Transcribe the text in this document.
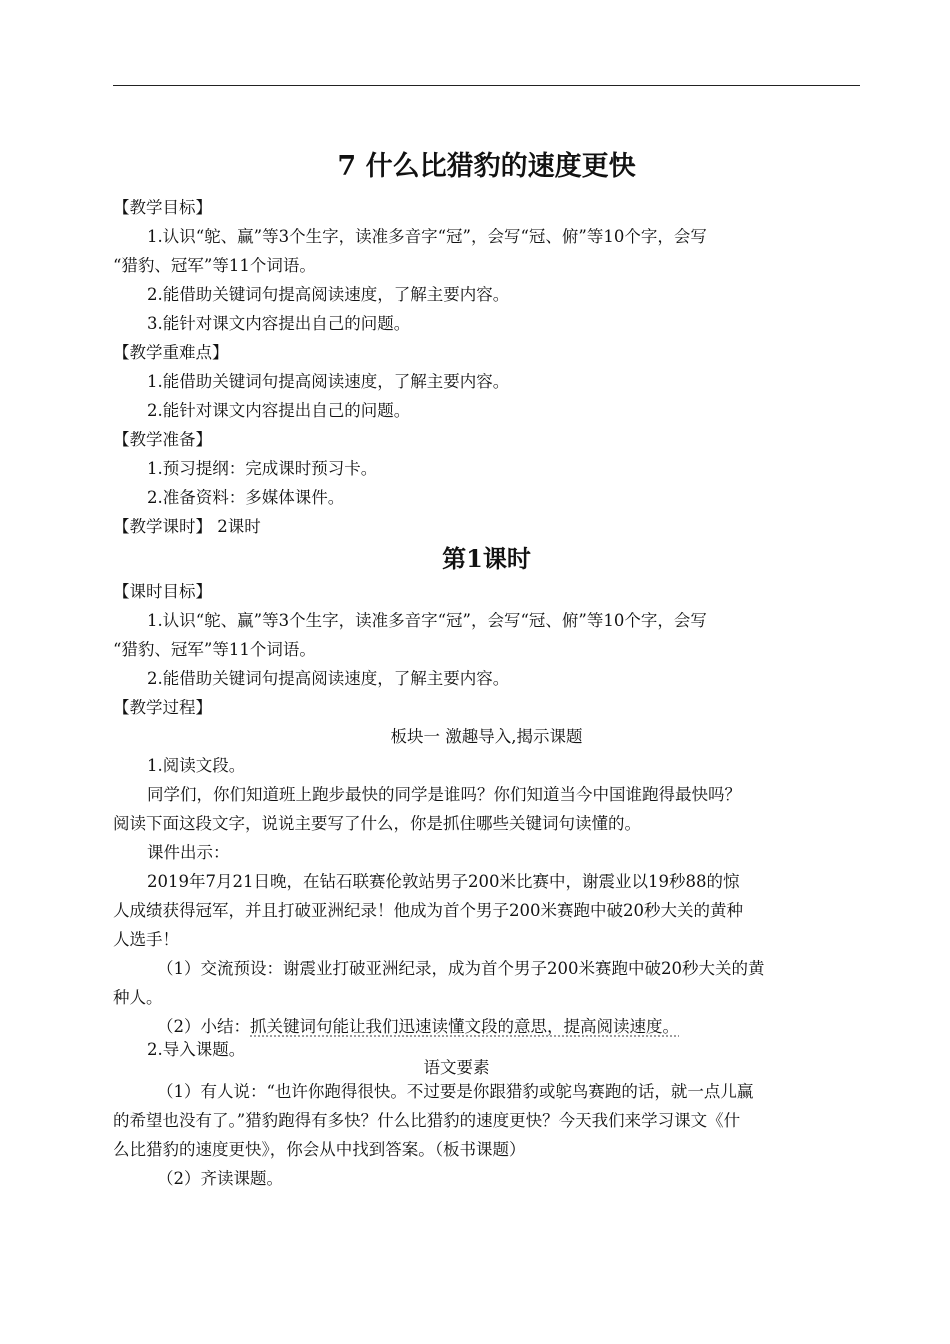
7 什么比猎豹的速度更快

【教学目标】

1.认识“鸵、赢”等3个生字，读准多音字“冠”，会写“冠、俯”等10个字，会写

“猎豹、冠军”等11个词语。

2.能借助关键词句提高阅读速度，了解主要内容。

3.能针对课文内容提出自己的问题。

【教学重难点】

1.能借助关键词句提高阅读速度，了解主要内容。

2.能针对课文内容提出自己的问题。

【教学准备】

1.预习提纲：完成课时预习卡。

2.准备资料：多媒体课件。

【教学课时】 2课时

第1课时

【课时目标】

1.认识“鸵、赢”等3个生字，读准多音字“冠”，会写“冠、俯”等10个字，会写

“猎豹、冠军”等11个词语。

2.能借助关键词句提高阅读速度，了解主要内容。

【教学过程】

板块一 激趣导入,揭示课题

1.阅读文段。

同学们，你们知道班上跑步最快的同学是谁吗？你们知道当今中国谁跑得最快吗？

阅读下面这段文字，说说主要写了什么，你是抓住哪些关键词句读懂的。

课件出示：

2019年7月21日晚，在钻石联赛伦敦站男子200米比赛中，谢震业以19秒88的惊

人成绩获得冠军，并且打破亚洲纪录！他成为首个男子200米赛跑中破20秒大关的黄种

人选手！

（1）交流预设：谢震业打破亚洲纪录，成为首个男子200米赛跑中破20秒大关的黄

种人。

（2）小结：抓关键词句能让我们迅速读懂文段的意思，提高阅读速度。

2.导入课题。

语文要素

（1）有人说：“也许你跑得很快。不过要是你跟猎豹或鸵鸟赛跑的话，就一点儿赢

的希望也没有了。”猎豹跑得有多快？什么比猎豹的速度更快？今天我们来学习课文《什

么比猎豹的速度更快》，你会从中找到答案。（板书课题）

（2）齐读课题。
